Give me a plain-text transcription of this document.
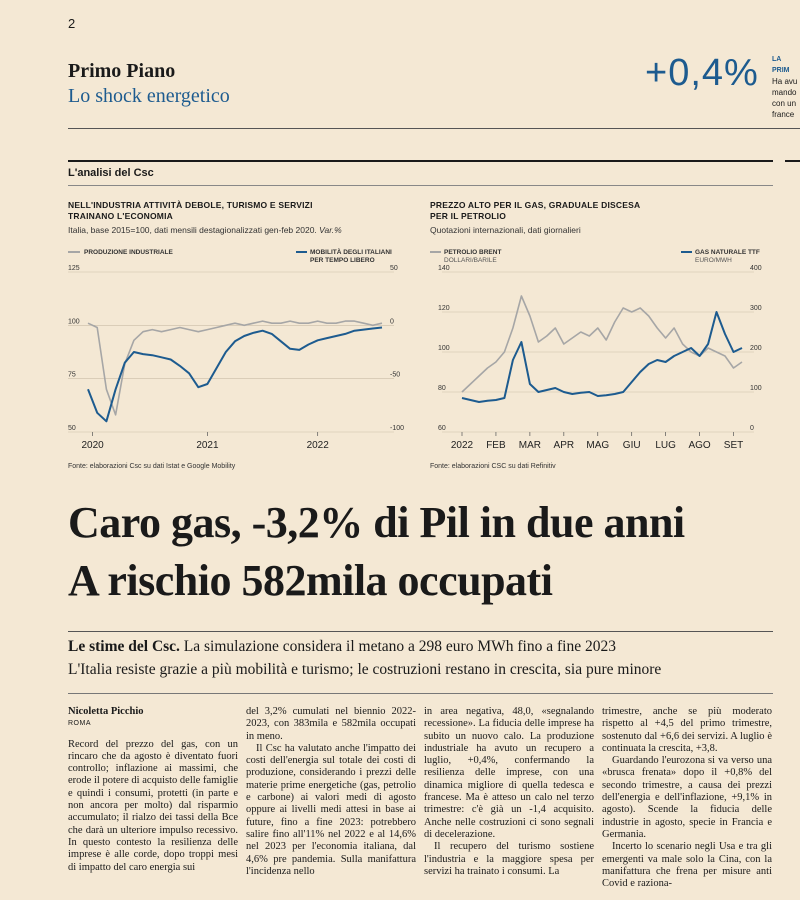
2
Primo Piano
Lo shock energetico
+0,4% LA PRIM
Ha avu
mando
con un
france
L'analisi del Csc
NELL'INDUSTRIA ATTIVITÀ DEBOLE, TURISMO E SERVIZI
TRAINANO L'ECONOMIA
Italia, base 2015=100, dati mensili destagionalizzati gen-feb 2020. Var.%
PRODUZIONE INDUSTRIALE	MOBILITÀ DEGLI ITALIANI
PER TEMPO LIBERO
Fonte: elaborazioni Csc su dati Istat e Google Mobility
PREZZO ALTO PER IL GAS, GRADUALE DISCESA
PER IL PETROLIO
Quotazioni internazionali, dati giornalieri
PETROLIO BRENT
DOLLARI/BARILE
GAS NATURALE TTF
EURO/MWH
Fonte: elaborazioni CSC su dati Refinitiv
125
100
75
50
50
0
-50
-100
2020	2021	2022
140
120
100
80
60
400
300
200
100
0
2022 FEB MAR APR MAG GIU LUG AGO SET
Caro gas, -3,2% di Pil in due anni
A rischio 582mila occupati
Le stime del Csc. La simulazione considera il metano a 298 euro MWh fino a fine 2023
L'Italia resiste grazie a più mobilità e turismo; le costruzioni restano in crescita, sia pure minore
Nicoletta Picchio
ROMA

Record del prezzo del gas, con un rincaro che da agosto è diventato fuori controllo; inflazione ai massimi, che erode il potere di acquisto delle famiglie e quindi i consumi, protetti (in parte e non ancora per molto) dal risparmio accumulato; il rialzo dei tassi della Bce che darà un ulteriore impulso recessivo. In questo contesto la resilienza delle imprese è alle corde, dopo troppi mesi di impatto del caro energia sui

del 3,2% cumulati nel biennio 2022-2023, con 383mila e 582mila occupati in meno.

Il Csc ha valutato anche l'impatto dei costi dell'energia sul totale dei costi di produzione, considerando i prezzi delle materie prime energetiche (gas, petrolio e carbone) ai valori medi di agosto oppure ai livelli medi attesi in base ai future, fino a fine 2023: potrebbero salire fino all'11% nel 2022 e al 14,6% nel 2023 per l'economia italiana, dal 4,6% pre pandemia. Sulla manifattura l'incidenza nello

in area negativa, 48,0, «segnalando recessione». La fiducia delle imprese ha subito un nuovo calo. La produzione industriale ha avuto un recupero a luglio, +0,4%, confermando la resilienza delle imprese, con una dinamica migliore di quella tedesca e francese. Ma è atteso un calo nel terzo trimestre: c'è già un -1,4 acquisito. Anche nelle costruzioni ci sono segnali di decelerazione.

Il recupero del turismo sostiene l'industria e la maggiore spesa per servizi ha trainato i consumi. La

trimestre, anche se più moderato rispetto al +4,5 del primo trimestre, sostenuto dal +6,6 dei servizi. A luglio è continuata la crescita, +3,8.

Guardando l'eurozona si va verso una «brusca frenata» dopo il +0,8% del secondo trimestre, a causa dei prezzi dell'energia e dell'inflazione, +9,1% in agosto). Scende la fiducia delle industrie in agosto, specie in Francia e Germania.

Incerto lo scenario negli Usa e tra gli emergenti va male solo la Cina, con la manifattura che frena per misure anti Covid e raziona-
